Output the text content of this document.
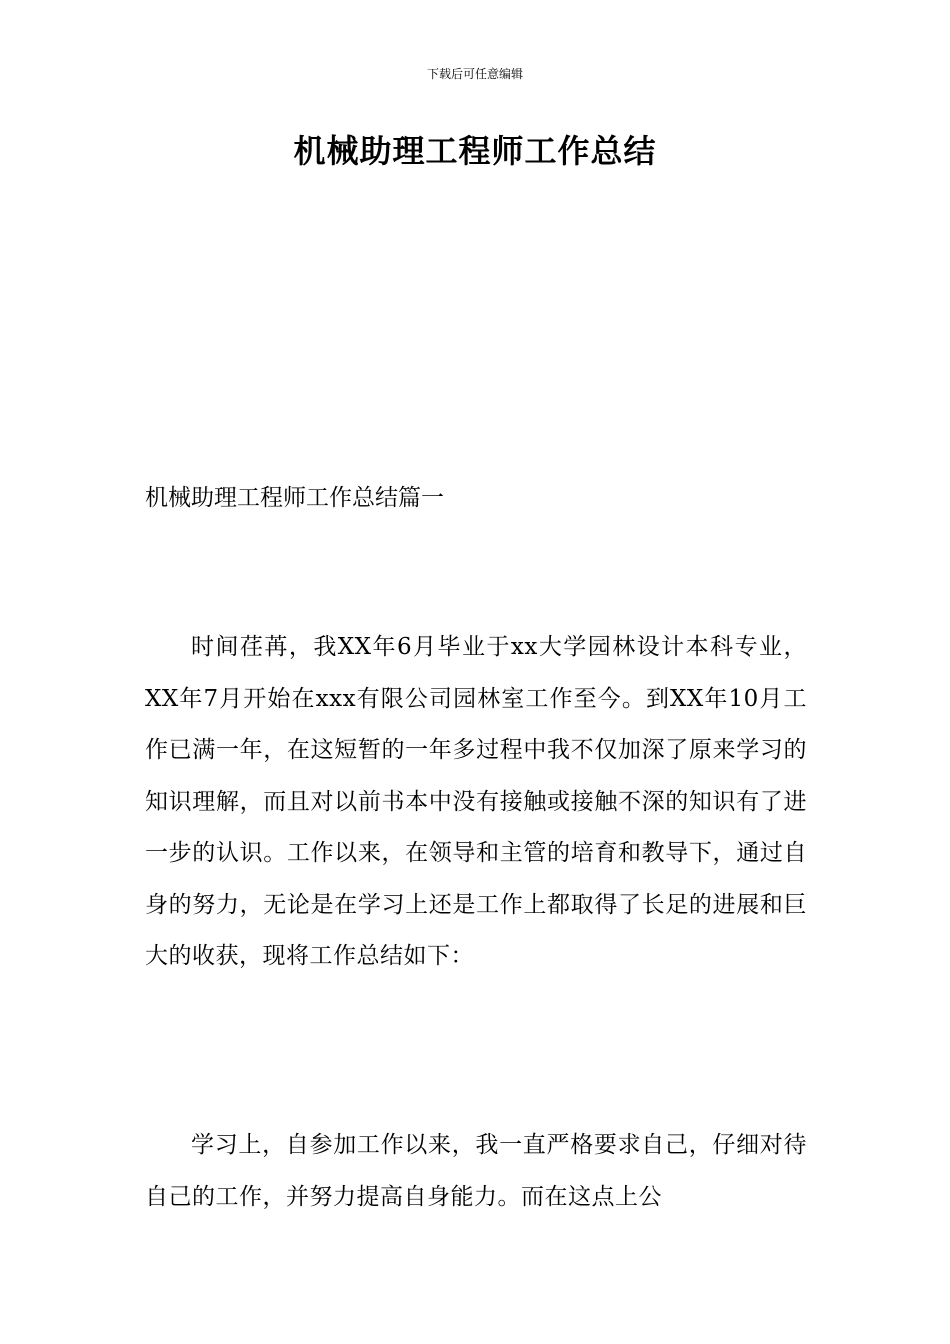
下载后可任意编辑
机械助理工程师工作总结
机械助理工程师工作总结篇一

时间荏苒，我XX年6月毕业于xx大学园林设计本科专业，XX年7月开始在xxx有限公司园林室工作至今。到XX年10月工作已满一年，在这短暂的一年多过程中我不仅加深了原来学习的知识理解，而且对以前书本中没有接触或接触不深的知识有了进一步的认识。工作以来，在领导和主管的培育和教导下，通过自身的努力，无论是在学习上还是工作上都取得了长足的进展和巨大的收获，现将工作总结如下：

学习上，自参加工作以来，我一直严格要求自己，仔细对待自己的工作，并努力提高自身能力。而在这点上公
